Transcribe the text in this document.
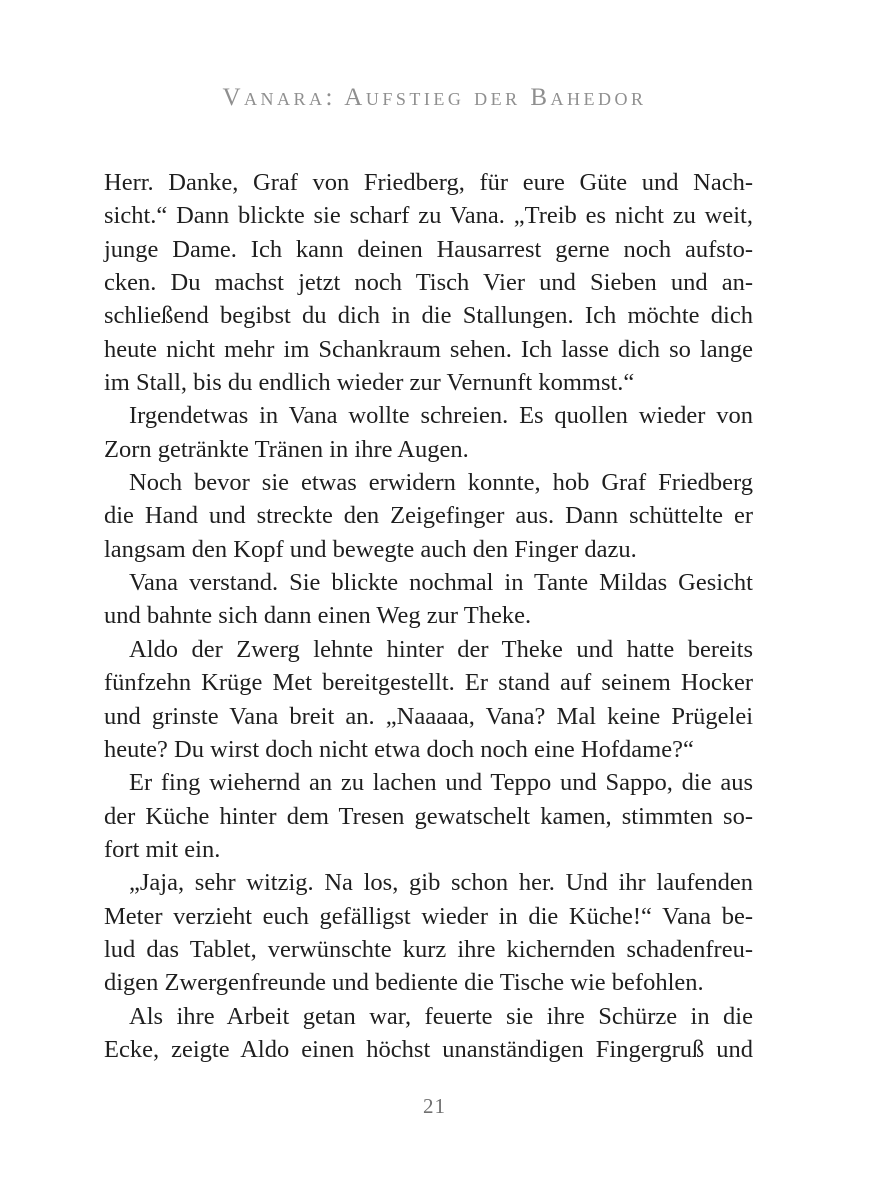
Vanara: Aufstieg der Bahedor
Herr. Danke, Graf von Friedberg, für eure Güte und Nach-
sicht.“ Dann blickte sie scharf zu Vana. „Treib es nicht zu weit,
junge Dame. Ich kann deinen Hausarrest gerne noch aufsto-
cken. Du machst jetzt noch Tisch Vier und Sieben und an-
schließend begibst du dich in die Stallungen. Ich möchte dich
heute nicht mehr im Schankraum sehen. Ich lasse dich so lange
im Stall, bis du endlich wieder zur Vernunft kommst.“
Irgendetwas in Vana wollte schreien. Es quollen wieder von
Zorn getränkte Tränen in ihre Augen.
Noch bevor sie etwas erwidern konnte, hob Graf Friedberg
die Hand und streckte den Zeigefinger aus. Dann schüttelte er
langsam den Kopf und bewegte auch den Finger dazu.
Vana verstand. Sie blickte nochmal in Tante Mildas Gesicht
und bahnte sich dann einen Weg zur Theke.
Aldo der Zwerg lehnte hinter der Theke und hatte bereits
fünfzehn Krüge Met bereitgestellt. Er stand auf seinem Hocker
und grinste Vana breit an. „Naaaaa, Vana? Mal keine Prügelei
heute? Du wirst doch nicht etwa doch noch eine Hofdame?“
Er fing wiehernd an zu lachen und Teppo und Sappo, die aus
der Küche hinter dem Tresen gewatschelt kamen, stimmten so-
fort mit ein.
„Jaja, sehr witzig. Na los, gib schon her. Und ihr laufenden
Meter verzieht euch gefälligst wieder in die Küche!“ Vana be-
lud das Tablet, verwünschte kurz ihre kichernden schadenfreu-
digen Zwergenfreunde und bediente die Tische wie befohlen.
Als ihre Arbeit getan war, feuerte sie ihre Schürze in die
Ecke, zeigte Aldo einen höchst unanständigen Fingergruß und
21
